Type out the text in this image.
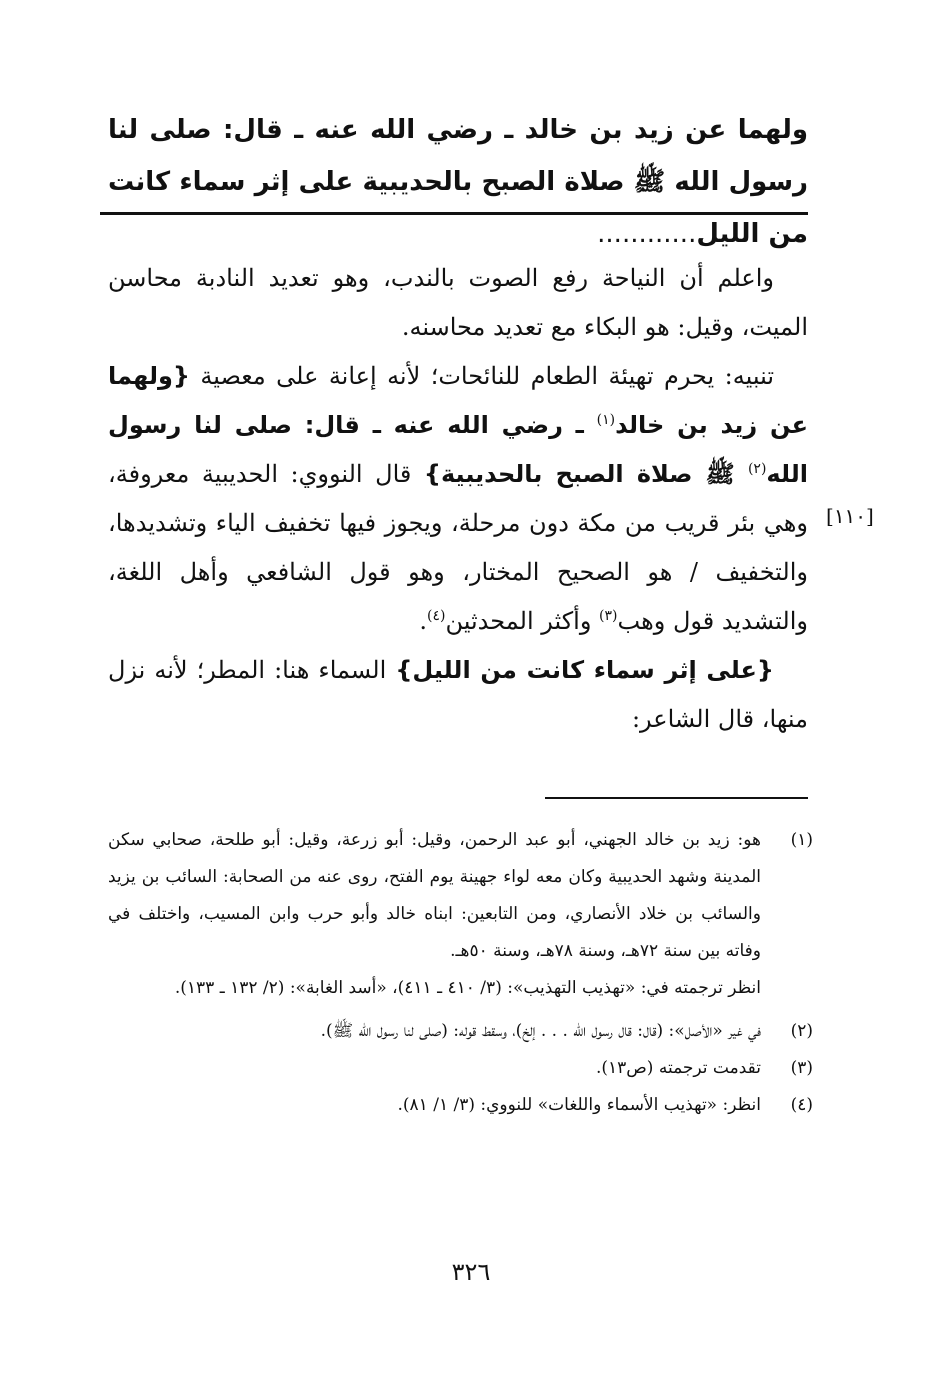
ولهما عن زيد بن خالد ـ رضي الله عنه ـ قال: صلى لنا رسول الله ﷺ صلاة الصبح بالحديبية على إثر سماء كانت من الليل............

واعلم أن النياحة رفع الصوت بالندب، وهو تعديد النادبة محاسن الميت، وقيل: هو البكاء مع تعديد محاسنه.

تنبيه: يحرم تهيئة الطعام للنائحات؛ لأنه إعانة على معصية {ولهما عن زيد بن خالد$^{(١)}$ ـ رضي الله عنه ـ قال: صلى لنا رسول الله$^{(٢)}$ ﷺ صلاة الصبح بالحديبية} قال النووي: الحديبية معروفة، وهي بئر قريب من مكة دون مرحلة، ويجوز فيها تخفيف الياء وتشديدها، والتخفيف / هو الصحيح المختار، وهو قول الشافعي وأهل اللغة، والتشديد قول وهب$^{(٣)}$ وأكثر المحدثين$^{(٤)}$.

{على إثر سماء كانت من الليل} السماء هنا: المطر؛ لأنه نزل منها، قال الشاعر:

[١١٠]
(١)
هو: زيد بن خالد الجهني، أبو عبد الرحمن، وقيل: أبو زرعة، وقيل: أبو طلحة، صحابي سكن المدينة وشهد الحديبية وكان معه لواء جهينة يوم الفتح، روى عنه من الصحابة: السائب بن يزيد والسائب بن خلاد الأنصاري، ومن التابعين: ابناه خالد وأبو حرب وابن المسيب، واختلف في وفاته بين سنة ٧٢هـ، وسنة ٧٨هـ، وسنة ٥٠هـ.
انظر ترجمته في: «تهذيب التهذيب»: (٣/ ٤١٠ ـ ٤١١)، «أسد الغابة»: (٢/ ١٣٢ ـ ١٣٣).
(٢)
في غير «الأصل»: (قال: قال رسول الله . . . إلخ)، وسقط قوله: (صلى لنا رسول الله ﷺ).
(٣)
تقدمت ترجمته (ص١٣).
(٤)
انظر: «تهذيب الأسماء واللغات» للنووي: (٣/ ١/ ٨١).
٣٢٦
